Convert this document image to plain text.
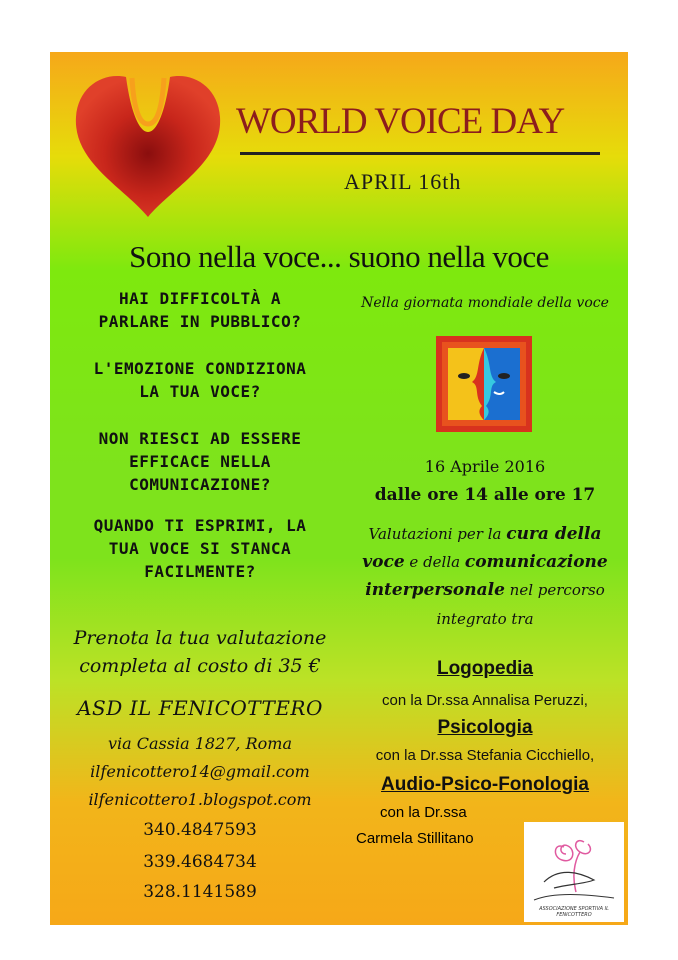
WORLD VOICE DAY
APRIL 16th
Sono nella voce... suono nella voce
HAI DIFFICOLTÀ A
PARLARE IN PUBBLICO?
L'EMOZIONE CONDIZIONA
LA TUA VOCE?
NON RIESCI AD ESSERE
EFFICACE NELLA
COMUNICAZIONE?
QUANDO TI ESPRIMI, LA
TUA VOCE SI STANCA
FACILMENTE?
Prenota la tua valutazione
completa al costo di 35 €
ASD IL FENICOTTERO
via Cassia 1827, Roma
ilfenicottero14@gmail.com
ilfenicottero1.blogspot.com
340.4847593
339.4684734
328.1141589
Nella giornata mondiale della voce
16 Aprile 2016
dalle ore 14 alle ore 17
Valutazioni per la cura della
voce e della comunicazione
interpersonale nel percorso
integrato tra
Logopedia
con la Dr.ssa Annalisa Peruzzi,
Psicologia
con la Dr.ssa Stefania Cicchiello,
Audio-Psico-Fonologia
con la Dr.ssa
Carmela Stillitano
ASSOCIAZIONE SPORTIVA IL FENICOTTERO
